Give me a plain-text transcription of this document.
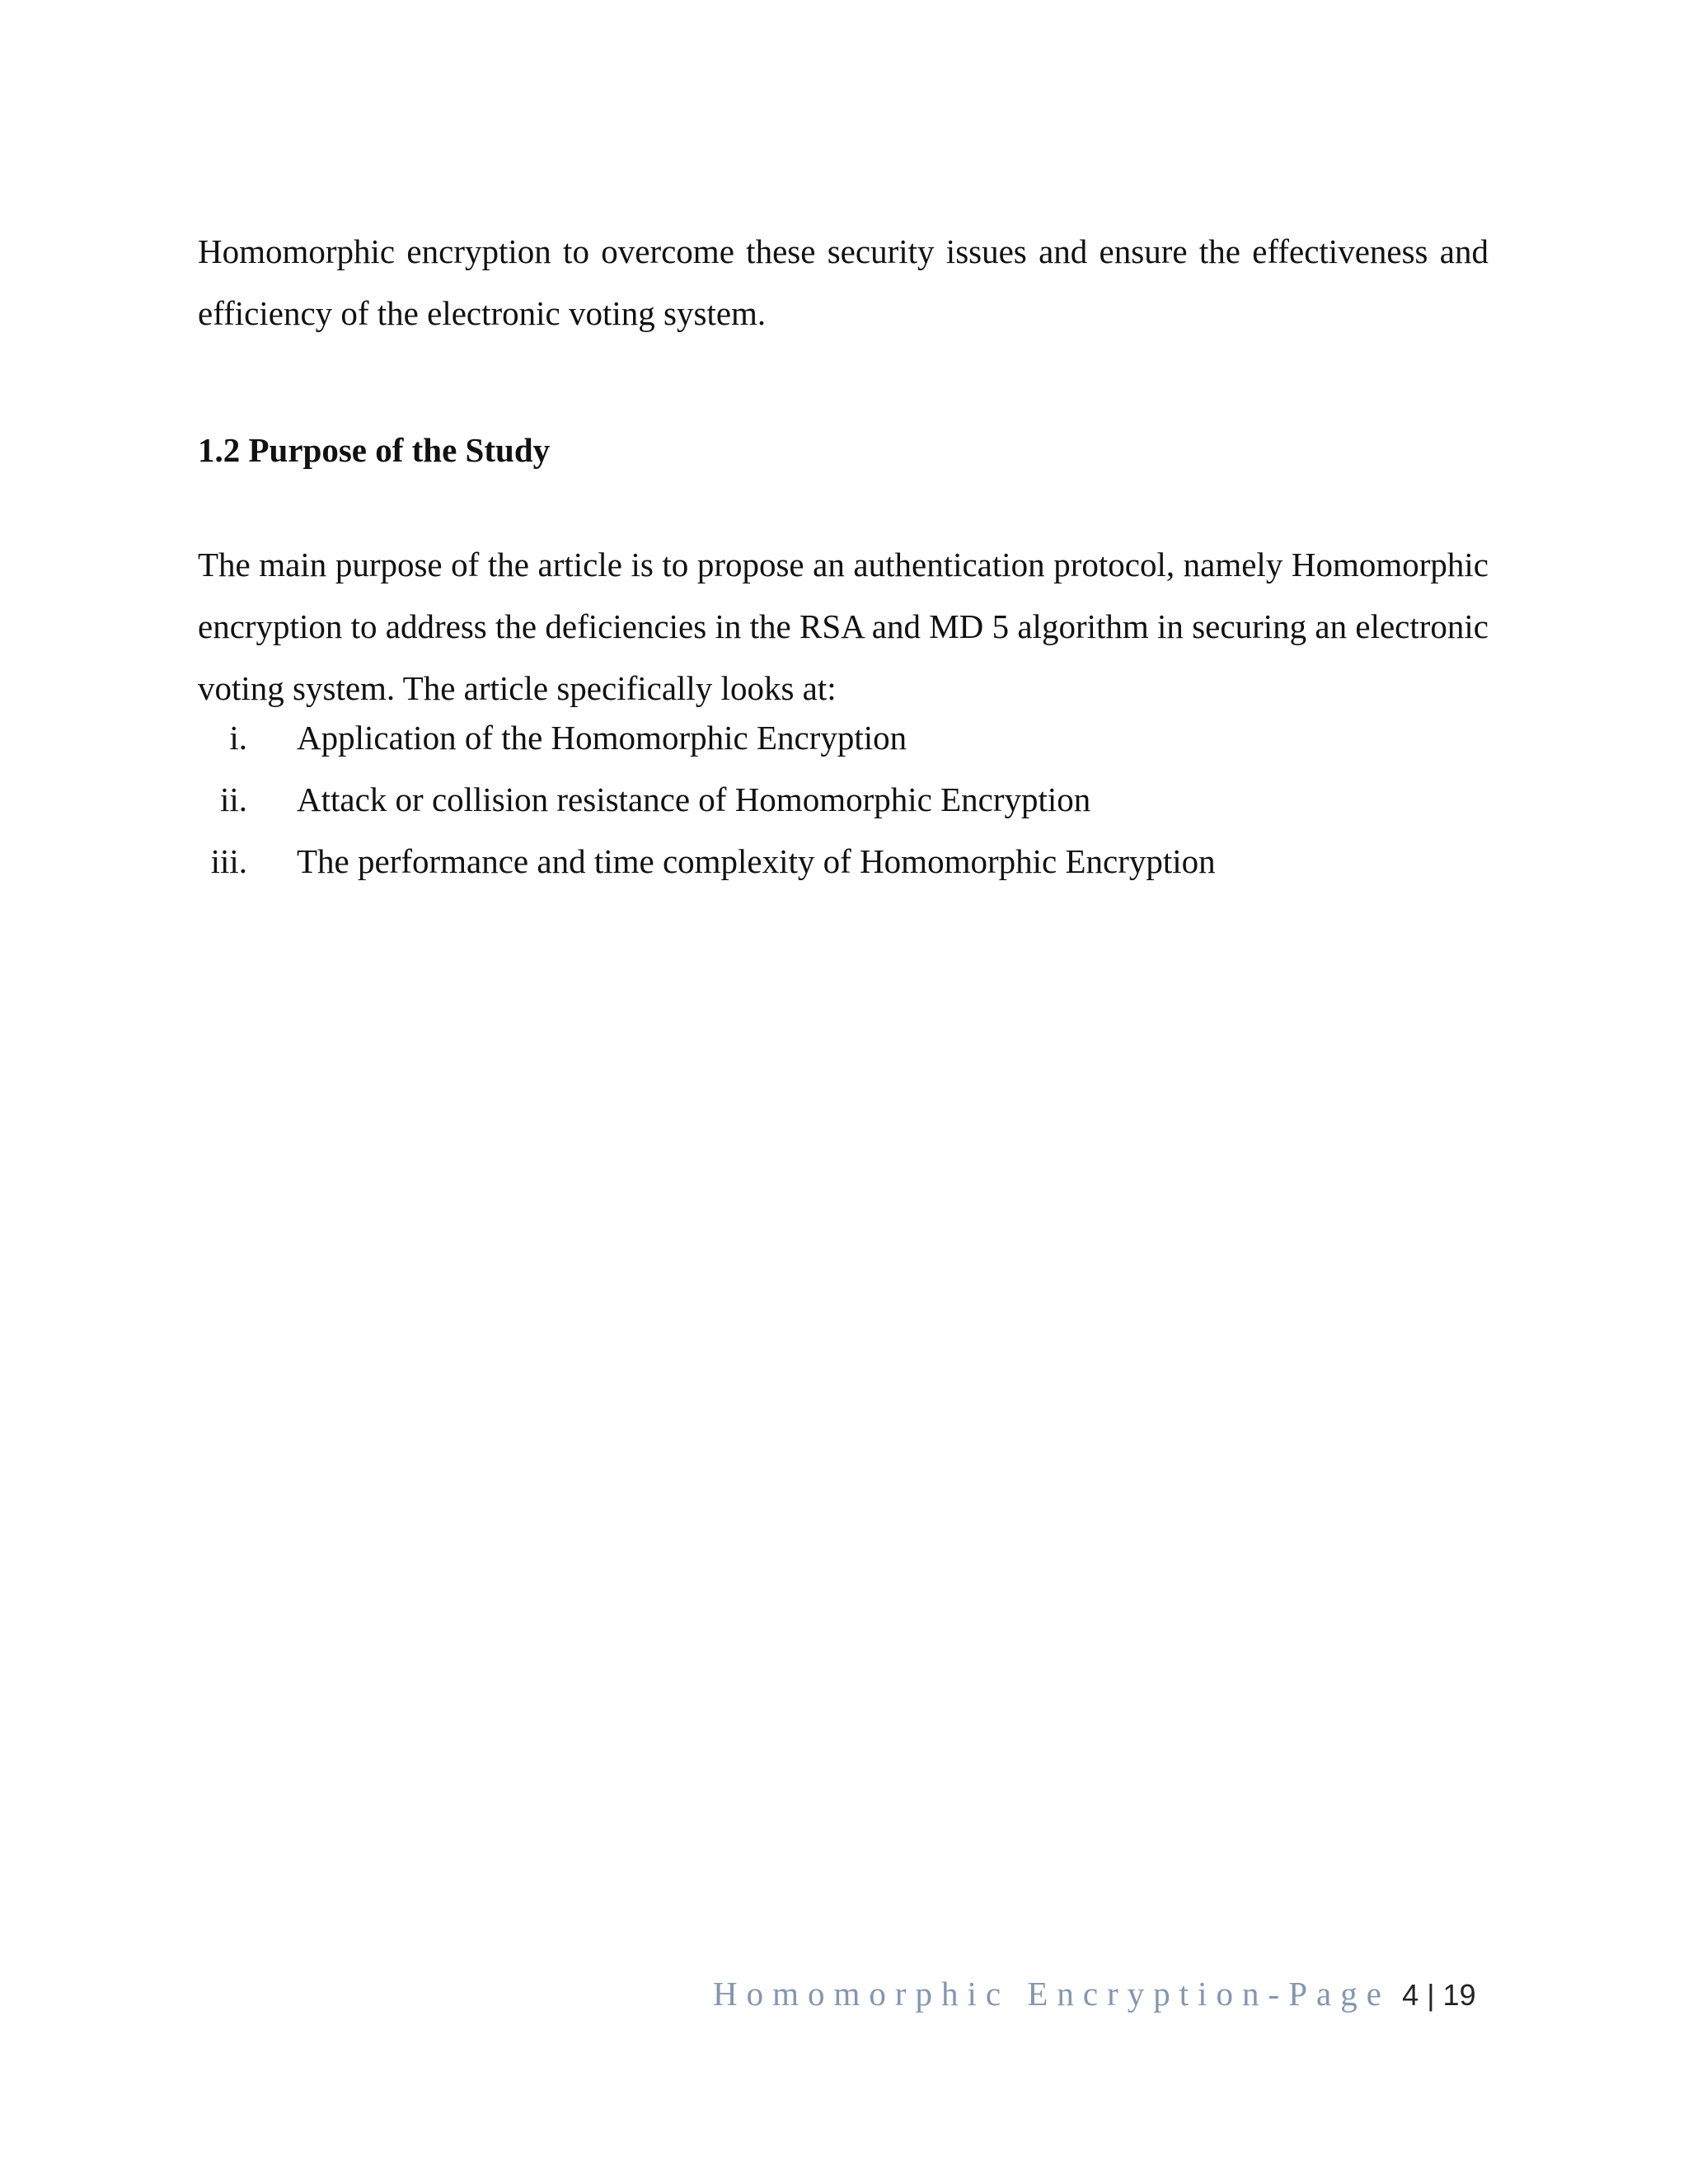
Homomorphic encryption to overcome these security issues and ensure the effectiveness and efficiency of the electronic voting system.

1.2 Purpose of the Study

The main purpose of the article is to propose an authentication protocol, namely Homomorphic encryption to address the deficiencies in the RSA and MD 5 algorithm in securing an electronic voting system. The article specifically looks at:

i. Application of the Homomorphic Encryption
ii. Attack or collision resistance of Homomorphic Encryption
iii. The performance and time complexity of Homomorphic Encryption
Homomorphic Encryption-Page 4 | 19
